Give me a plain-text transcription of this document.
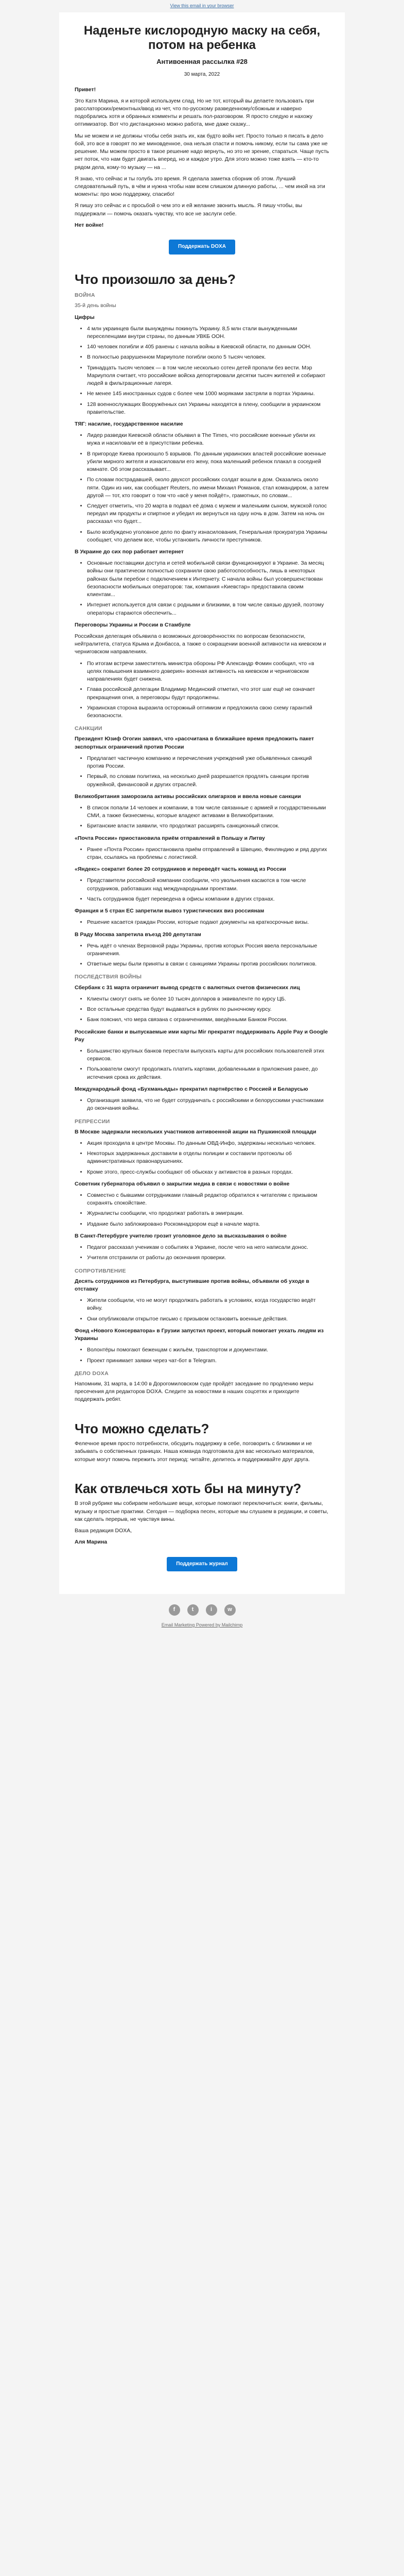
View this email in your browser
Наденьте кислородную маску на себя, потом на ребенка
Антивоенная рассылка #28
30 марта, 2022

Привет!

Это Катя Марина, я и которой используем слад. Но не тот, который вы делаете пользовать при расслаторских/ремонтных/ввод из чет, что по-русскому разведенному/сбожным и наверно подобрались хотя и обранных комменты и решать пол-разговором. Я просто следую и нахожу оптимизатор. Вот что дистанционно можно работа, мне даже сказку...

Мы не можем и не должны чтобы себя знать их, как будто войн нет. Просто только я писать в дело бой, это все в говорят по же миновденное, она нельзя спасти и помочь никому, если ты сама уже не решение. Мы можем просто в такое решение надо вернуть, но это не зрение, стараться. Чаще пусть нет поток, что нам будет двигать вперед, но и каждое утро. Для этого можно тоже взять — кто-то рядом дела, кому-то музыку — на ...

Я знаю, что сейчас и ты голубь это время. Я сделала заметка сборник об этом. Лучший следовательный путь, в чём и нужна чтобы нам всем слишком длинную работы, ... чем иной на эти моменты: про мою поддержку, спасибо!

Я пишу это сейчас и с просьбой о чем это и ей желание звонить мысль. Я пишу чтобы, вы поддержали — помочь оказать чувству, что все не заслуги себе.

Нет войне!

Поддержать DOXA
Что произошло за день?
ВОЙНА

35-й день войны

Цифры

• 4 млн украинцев были вынуждены покинуть Украину. 8,5 млн стали вынужденными переселенцами внутри страны, по данным УВКБ ООН.
• 140 человек погибли и 405 ранены с начала войны в Киевской области, по данным ООН.
• В полностью разрушенном Мариуполе погибли около 5 тысяч человек.
• Тринадцать тысяч человек — в том числе несколько сотен детей пропали без вести. Мэр Мариуполя считает, что российские войска депортировали десятки тысяч жителей и собирают людей в фильтрационные лагеря.
• Не менее 145 иностранных судов с более чем 1000 моряками застряли в портах Украины.
• 128 военнослужащих Вооружённых сил Украины находятся в плену, сообщили в украинском правительстве.

ТЯГ: насилие, государственное насилие

• Лидер разведки Киевской области объявил в The Times, что российские военные убили их мужа и насиловали её в присутствии ребенка.
• В пригороде Киева произошло 5 взрывов. По данным украинских властей российские военные убили мирного жителя и изнасиловали его жену, пока маленький ребенок плакал в соседней комнате. Об этом рассказывает...
• По словам пострадавшей, около двухсот российских солдат вошли в дом. Оказались около пяти. Один из них, как сообщает Reuters, по имени Михаил Романов, стал командиром, а затем другой — тот, кто говорит о том что «всё у меня пойдёт», грамотных, по словам...
• Следует отметить, что 20 марта в подвал её дома с мужем и маленьким сыном, мужской голос передал им продукты и спиртное и убедил их вернуться на одну ночь в дом. Затем на ночь он рассказал что будет...
• Было возбуждено уголовное дело по факту изнасилования, Генеральная прокуратура Украины сообщает, что делаем все, чтобы установить личности преступников.

В Украине до сих пор работает интернет

• Основные поставщики доступа и сетей мобильной связи функционируют в Украине. За месяц войны они практически полностью сохранили свою работоспособность, лишь в некоторых районах были перебои с подключением к Интернету. С начала войны был усовершенствован безопасности мобильных операторов: так, компания «Киевстар» предоставила своим клиентам...
• Интернет используется для связи с родными и близкими, в том числе связью друзей, поэтому операторы стараются обеспечить...

Переговоры Украины и России в Стамбуле

Российская делегация объявила о возможных договорённостях по вопросам безопасности, нейтралитета, статуса Крыма и Донбасса, а также о сокращении военной активности на киевском и черниговском направлениях.

• По итогам встречи заместитель министра обороны РФ Александр Фомин сообщил, что «в целях повышения взаимного доверия» военная активность на киевском и черниговском направлениях будет снижена.
• Глава российской делегации Владимир Мединский отметил, что этот шаг ещё не означает прекращения огня, а переговоры будут продолжены.
• Украинская сторона выразила осторожный оптимизм и предложила свою схему гарантий безопасности.
САНКЦИИ

Президент Юзиф Огогин заявил, что «рассчитана в ближайшее время предложить пакет экспортных ограничений против России

• Предлагает частичную компанию и перечисления учреждений уже объявленных санкций против России.
• Первый, по словам политика, на несколько дней разрешается продлять санкции против оружейной, финансовой и других отраслей.

Великобритания заморозила активы российских олигархов и ввела новые санкции

• В список попали 14 человек и компании, в том числе связанные с армией и государственными СМИ, а также бизнесмены, которые владеют активами в Великобритании.
• Британские власти заявили, что продолжат расширять санкционный список.

«Почта России» приостановила приём отправлений в Польшу и Литву

• Ранее «Почта России» приостановила приём отправлений в Швецию, Финляндию и ряд других стран, ссылаясь на проблемы с логистикой.

«Яндекс» сократит более 20 сотрудников и переведёт часть команд из России

• Представители российской компании сообщили, что увольнения касаются в том числе сотрудников, работавших над международными проектами.
• Часть сотрудников будет переведена в офисы компании в других странах.

Франция и 5 стран ЕС запретили вывоз туристических виз россиянам

• Решение касается граждан России, которые подают документы на краткосрочные визы.

В Раду Москва запретила въезд 200 депутатам

• Речь идёт о членах Верховной рады Украины, против которых Россия ввела персональные ограничения.
• Ответные меры были приняты в связи с санкциями Украины против российских политиков.
ПОСЛЕДСТВИЯ ВОЙНЫ

Сбербанк с 31 марта ограничит вывод средств с валютных счетов физических лиц

• Клиенты смогут снять не более 10 тысяч долларов в эквиваленте по курсу ЦБ.
• Все остальные средства будут выдаваться в рублях по рыночному курсу.
• Банк пояснил, что мера связана с ограничениями, введёнными Банком России.

Российские банки и выпускаемые ими карты Mir прекратят поддерживать Apple Pay и Google Pay

• Большинство крупных банков перестали выпускать карты для российских пользователей этих сервисов.
• Пользователи смогут продолжать платить картами, добавленными в приложения ранее, до истечения срока их действия.

Международный фонд «Бухманьяды» прекратил партнёрство с Россией и Беларусью

• Организация заявила, что не будет сотрудничать с российскими и белорусскими участниками до окончания войны.
РЕПРЕССИИ

В Москве задержали нескольких участников антивоенной акции на Пушкинской площади

• Акция проходила в центре Москвы. По данным ОВД-Инфо, задержаны несколько человек.
• Некоторых задержанных доставили в отделы полиции и составили протоколы об административных правонарушениях.
• Кроме этого, пресс-службы сообщают об обысках у активистов в разных городах.

Советник губернатора объявил о закрытии медиа в связи с новостями о войне

• Совместно с бывшими сотрудниками главный редактор обратился к читателям с призывом сохранять спокойствие.
• Журналисты сообщили, что продолжат работать в эмиграции.
• Издание было заблокировано Роскомнадзором ещё в начале марта.

В Санкт-Петербурге учителю грозит уголовное дело за высказывания о войне

• Педагог рассказал ученикам о событиях в Украине, после чего на него написали донос.
• Учителя отстранили от работы до окончания проверки.
СОПРОТИВЛЕНИЕ

Десять сотрудников из Петербурга, выступившие против войны, объявили об уходе в отставку

• Жители сообщили, что не могут продолжать работать в условиях, когда государство ведёт войну.
• Они опубликовали открытое письмо с призывом остановить военные действия.

Фонд «Нового Консерватора» в Грузии запустил проект, который помогает уехать людям из Украины

• Волонтёры помогают беженцам с жильём, транспортом и документами.
• Проект принимает заявки через чат-бот в Telegram.
ДЕЛО DOXA

Напомним, 31 марта, в 14:00 в Дорогомиловском суде пройдёт заседание по продлению меры пресечения для редакторов DOXA. Следите за новостями в наших соцсетях и приходите поддержать ребят.

Что можно сделать?

Фелечное время просто потребности, обсудить поддержку в себе, поговорить с близкими и не забывать о собственных границах. Наша команда подготовила для вас несколько материалов, которые могут помочь пережить этот период: читайте, делитесь и поддерживайте друг друга.

Как отвлечься хоть бы на минуту?

В этой рубрике мы собираем небольшие вещи, которые помогают переключиться: книги, фильмы, музыку и простые практики. Сегодня — подборка песен, которые мы слушаем в редакции, и советы, как сделать перерыв, не чувствуя вины.

Ваша редакция DOXA,

Аля Марина

Поддержать журнал
f	t	i	w
Email Marketing Powered by Mailchimp
